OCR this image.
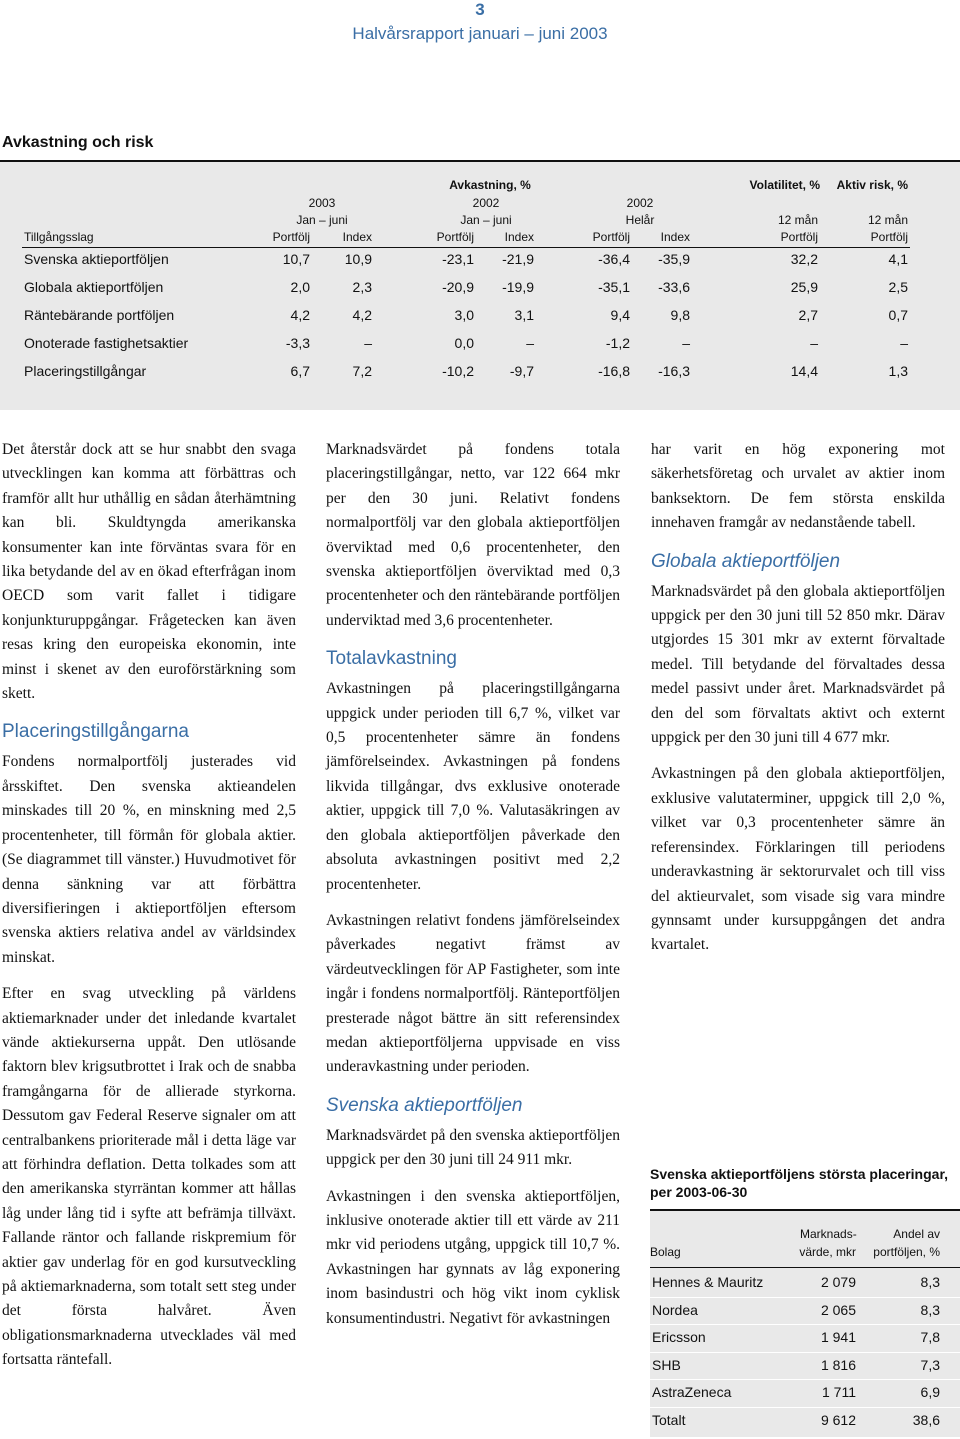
3
Halvårsrapport januari – juni 2003
Avkastning och risk
Avkastning, %	Volatilitet, %	Aktiv risk, %
2003	2002	2002
Jan – juni	Jan – juni	Helår	12 mån	12 mån
Tillgångsslag	Portfölj	Index	Portfölj	Index	Portfölj	Index	Portfölj	Portfölj
Svenska aktieportföljen	10,7	10,9	-23,1	-21,9	-36,4	-35,9	32,2	4,1
Globala aktieportföljen	2,0	2,3	-20,9	-19,9	-35,1	-33,6	25,9	2,5
Räntebärande portföljen	4,2	4,2	3,0	3,1	9,4	9,8	2,7	0,7
Onoterade fastighetsaktier	-3,3	–	0,0	–	-1,2	–	–	–
Placeringstillgångar	6,7	7,2	-10,2	-9,7	-16,8	-16,3	14,4	1,3

Det återstår dock att se hur snabbt den svaga utvecklingen kan komma att förbättras och framför allt hur uthållig en sådan återhämtning kan bli. Skuldtyngda amerikanska konsumenter kan inte förväntas svara för en lika betydande del av en ökad efterfrågan inom OECD som varit fallet i tidigare konjunkturuppgångar. Frågetecken kan även resas kring den europeiska ekonomin, inte minst i skenet av den euroförstärkning som skett.

Placeringstillgångarna

Fondens normalportfölj justerades vid årsskiftet. Den svenska aktieandelen minskades till 20 %, en minskning med 2,5 procentenheter, till förmån för globala aktier. (Se diagrammet till vänster.) Huvudmotivet för denna sänkning var att förbättra diversifieringen i aktieportföljen eftersom svenska aktiers relativa andel av världsindex minskat.

Efter en svag utveckling på världens aktiemarknader under det inledande kvartalet vände aktiekurserna uppåt. Den utlösande faktorn blev krigsutbrottet i Irak och de snabba framgångarna för de allierade styrkorna. Dessutom gav Federal Reserve signaler om att centralbankens prioriterade mål i detta läge var att förhindra deflation. Detta tolkades som att den amerikanska styrräntan kommer att hållas låg under lång tid i syfte att befrämja tillväxt. Fallande räntor och fallande riskpremium för aktier gav underlag för en god kursutveckling på aktiemarknaderna, som totalt sett steg under det första halvåret. Även obligationsmarknaderna utvecklades väl med fortsatta räntefall.

Marknadsvärdet på fondens totala placeringstillgångar, netto, var 122 664 mkr per den 30 juni. Relativt fondens normalportfölj var den globala aktieportföljen överviktad med 0,6 procentenheter, den svenska aktieportföljen överviktad med 0,3 procentenheter och den räntebärande portföljen underviktad med 3,6 procentenheter.

Totalavkastning

Avkastningen på placeringstillgångarna uppgick under perioden till 6,7 %, vilket var 0,5 procentenheter sämre än fondens jämförelseindex. Avkastningen på fondens likvida tillgångar, dvs exklusive onoterade aktier, uppgick till 7,0 %. Valutasäkringen av den globala aktieportföljen påverkade den absoluta avkastningen positivt med 2,2 procentenheter.

Avkastningen relativt fondens jämförelseindex påverkades negativt främst av värdeutvecklingen för AP Fastigheter, som inte ingår i fondens normalportfölj. Ränteportföljen presterade något bättre än sitt referensindex medan aktieportföljerna uppvisade en viss underavkastning under perioden.

Svenska aktieportföljen

Marknadsvärdet på den svenska aktieportföljen uppgick per den 30 juni till 24 911 mkr.

Avkastningen i den svenska aktieportföljen, inklusive onoterade aktier till ett värde av 211 mkr vid periodens utgång, uppgick till 10,7 %. Avkastningen har gynnats av låg exponering inom basindustri och hög vikt inom cyklisk konsumentindustri. Negativt för avkastningen

har varit en hög exponering mot säkerhetsföretag och urvalet av aktier inom banksektorn. De fem största enskilda innehaven framgår av nedanstående tabell.

Globala aktieportföljen

Marknadsvärdet på den globala aktieportföljen uppgick per den 30 juni till 52 850 mkr. Därav utgjordes 15 301 mkr av externt förvaltade medel. Till betydande del förvaltades dessa medel passivt under året. Marknadsvärdet på den del som förvaltats aktivt och externt uppgick per den 30 juni till 4 677 mkr.

Avkastningen på den globala aktieportföljen, exklusive valutaterminer, uppgick till 2,0 %, vilket var 0,3 procentenheter sämre än referensindex. Förklaringen till periodens underavkastning är sektorurvalet och till viss del aktieurvalet, som visade sig vara mindre gynnsamt under kursuppgången det andra kvartalet.

Svenska aktieportföljens största placeringar, per 2003-06-30
Bolag
Marknads-
värde, mkr
Andel av
portföljen, %
Hennes & Mauritz	2 079	8,3
Nordea	2 065	8,3
Ericsson	1 941	7,8
SHB	1 816	7,3
AstraZeneca	1 711	6,9
Totalt	9 612	38,6
